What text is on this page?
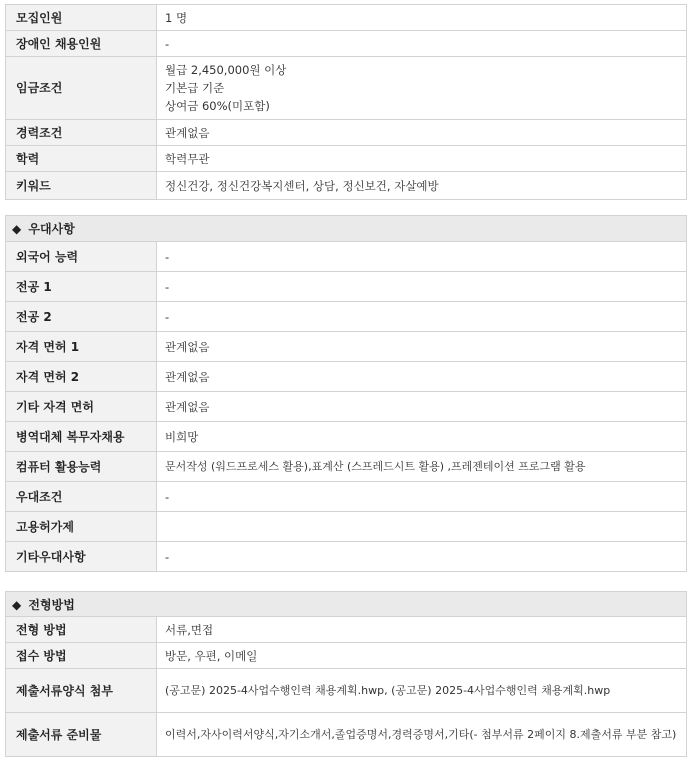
모집인원	1 명
장애인 채용인원	-
임금조건	월급 2,450,000원 이상
기본급 기준
상여금 60%(미포함)

경력조건	관계없음
학력	학력무관
키워드	정신건강, 정신건강복지센터, 상담, 정신보건, 자살예방
◆ 우대사항
외국어 능력	-
전공 1	-
전공 2	-
자격 면허 1	관계없음
자격 면허 2	관계없음
기타 자격 면허	관계없음
병역대체 복무자채용	비희망
컴퓨터 활용능력	문서작성 (워드프로세스 활용),표계산 (스프레드시트 활용) ,프레젠테이션 프로그램 활용
우대조건	-
고용허가제	
기타우대사항	-
◆ 전형방법
전형 방법	서류,면접
접수 방법	방문, 우편, 이메일
제출서류양식 첨부	(공고문) 2025-4사업수행인력 채용계획.hwp, (공고문) 2025-4사업수행인력 채용계획.hwp
제출서류 준비물	이력서,자사이력서양식,자기소개서,졸업증명서,경력증명서,기타(- 첨부서류 2페이지 8.제출서류 부분 참고)
